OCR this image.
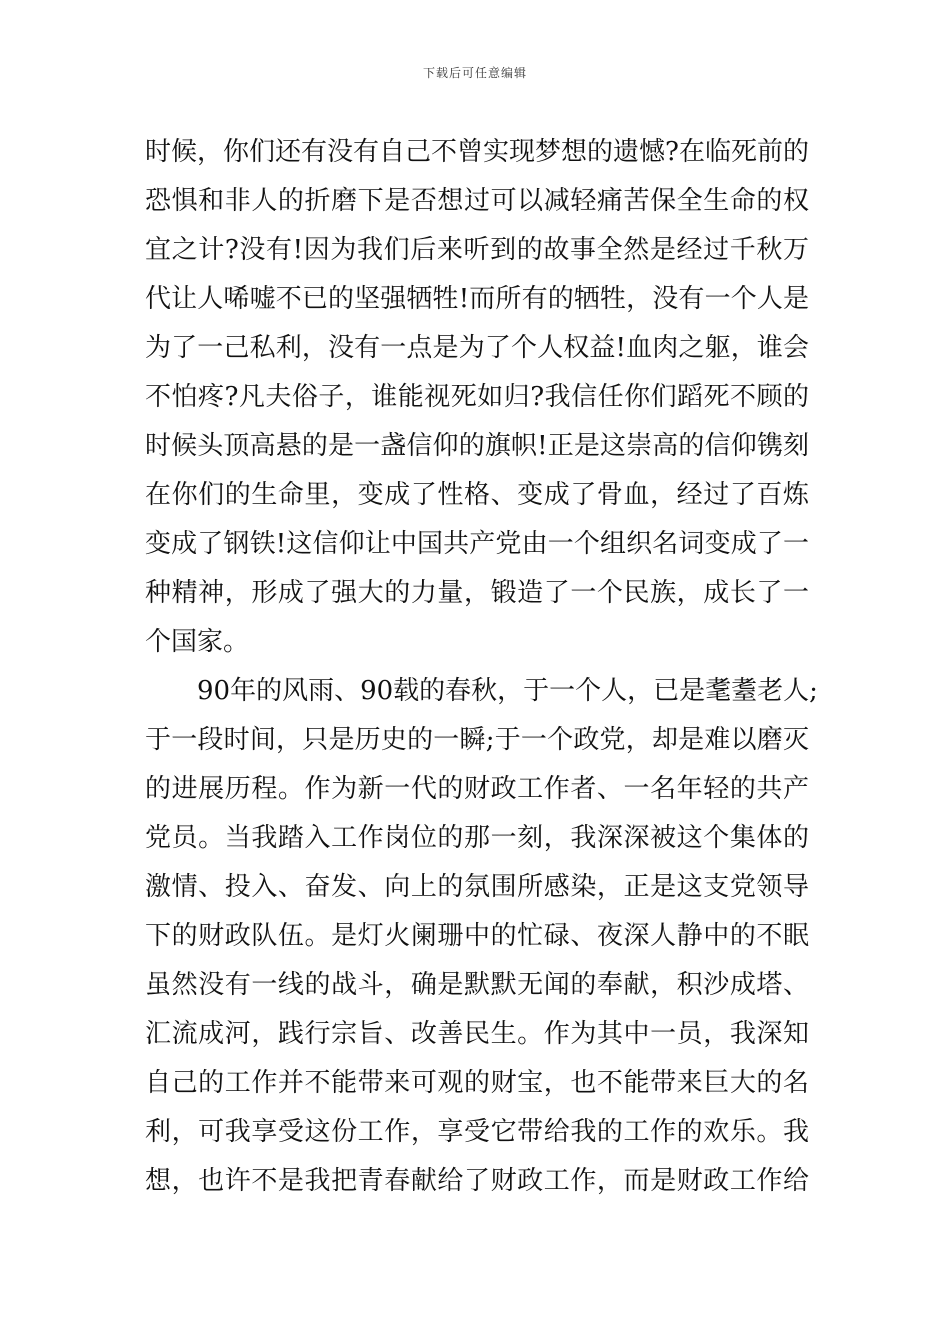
下载后可任意编辑
时候，你们还有没有自己不曾实现梦想的遗憾?在临死前的
恐惧和非人的折磨下是否想过可以减轻痛苦保全生命的权
宜之计?没有!因为我们后来听到的故事全然是经过千秋万
代让人唏嘘不已的坚强牺牲!而所有的牺牲，没有一个人是
为了一己私利，没有一点是为了个人权益!血肉之躯，谁会
不怕疼?凡夫俗子，谁能视死如归?我信任你们蹈死不顾的
时候头顶高悬的是一盏信仰的旗帜!正是这崇高的信仰镌刻
在你们的生命里，变成了性格、变成了骨血，经过了百炼
变成了钢铁!这信仰让中国共产党由一个组织名词变成了一
种精神，形成了强大的力量，锻造了一个民族，成长了一
个国家。
90年的风雨、90载的春秋，于一个人，已是耄耋老人;
于一段时间，只是历史的一瞬;于一个政党，却是难以磨灭
的进展历程。作为新一代的财政工作者、一名年轻的共产
党员。当我踏入工作岗位的那一刻，我深深被这个集体的
激情、投入、奋发、向上的氛围所感染，正是这支党领导
下的财政队伍。是灯火阑珊中的忙碌、夜深人静中的不眠
虽然没有一线的战斗，确是默默无闻的奉献，积沙成塔、
汇流成河，践行宗旨、改善民生。作为其中一员，我深知
自己的工作并不能带来可观的财宝，也不能带来巨大的名
利，可我享受这份工作，享受它带给我的工作的欢乐。我
想，也许不是我把青春献给了财政工作，而是财政工作给
